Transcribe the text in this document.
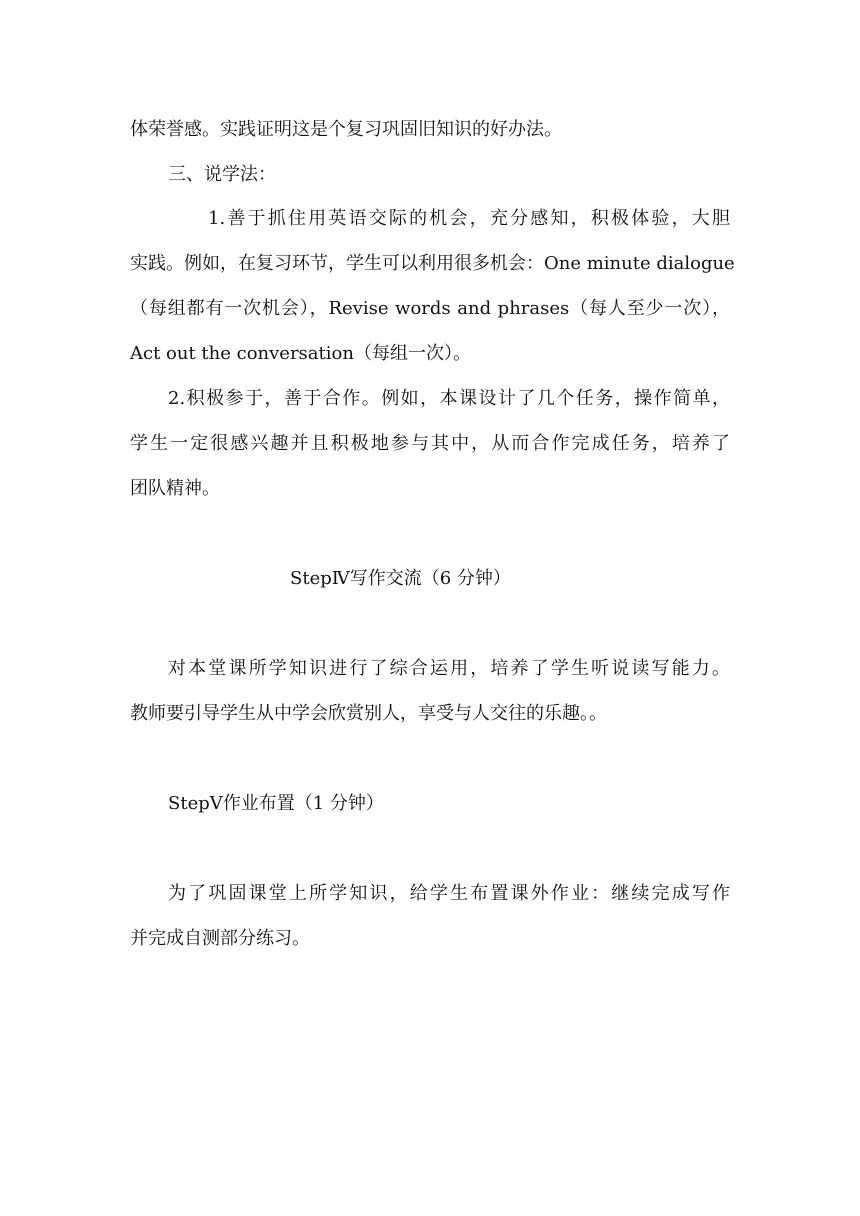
体荣誉感。实践证明这是个复习巩固旧知识的好办法。
三、说学法：
1.善于抓住用英语交际的机会，充分感知，积极体验，大胆
实践。例如，在复习环节，学生可以利用很多机会：One minute dialogue
（每组都有一次机会），Revise words and phrases（每人至少一次），
Act out the conversation（每组一次）。
2.积极参于，善于合作。例如，本课设计了几个任务，操作简单，
学生一定很感兴趣并且积极地参与其中，从而合作完成任务，培养了
团队精神。
StepⅣ写作交流（6 分钟）
对本堂课所学知识进行了综合运用，培养了学生听说读写能力。
教师要引导学生从中学会欣赏别人，享受与人交往的乐趣。。
StepⅤ作业布置（1 分钟）
为了巩固课堂上所学知识，给学生布置课外作业：继续完成写作
并完成自测部分练习。
